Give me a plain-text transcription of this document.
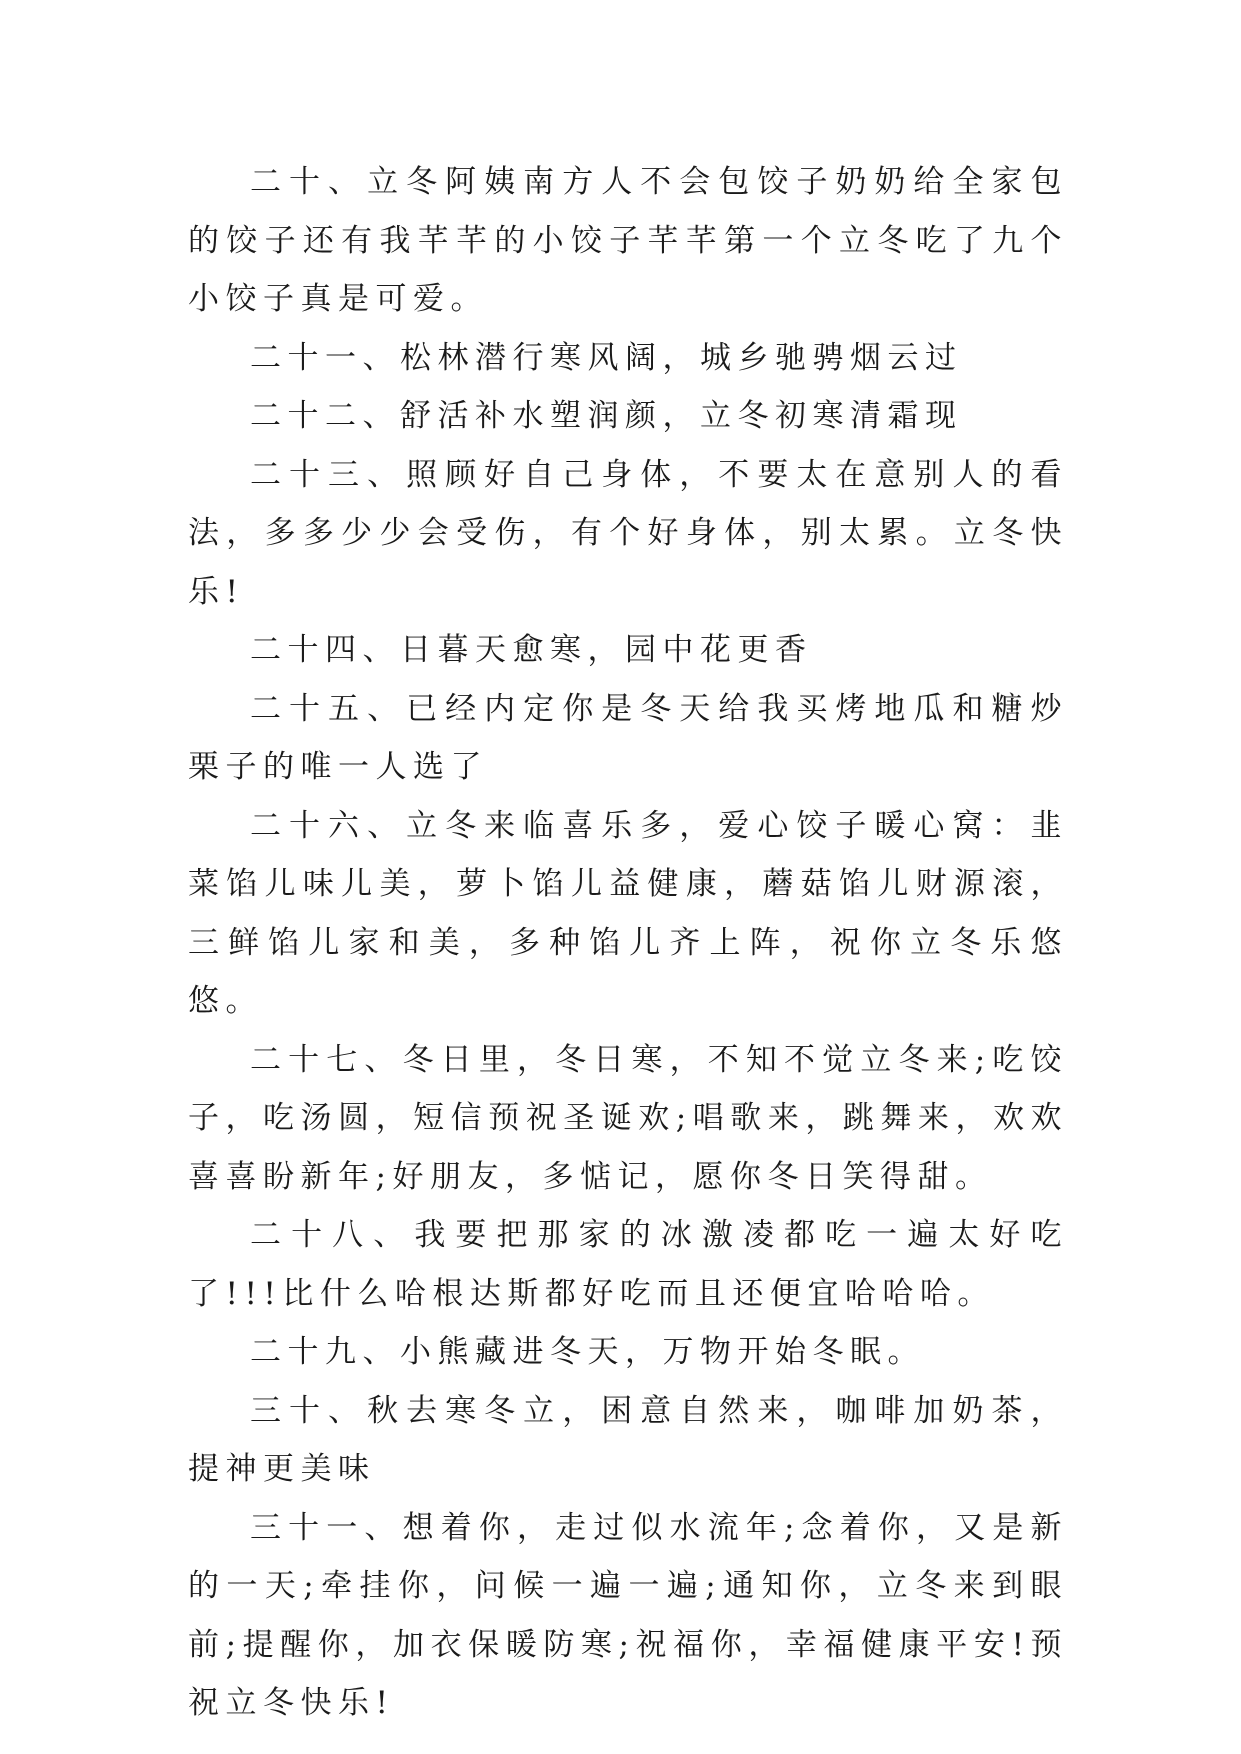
二十、立冬阿姨南方人不会包饺子奶奶给全家包的饺子还有我芊芊的小饺子芊芊第一个立冬吃了九个小饺子真是可爱。

二十一、松林潜行寒风阔，城乡驰骋烟云过

二十二、舒活补水塑润颜，立冬初寒清霜现

二十三、照顾好自己身体，不要太在意别人的看法，多多少少会受伤，有个好身体，别太累。立冬快乐!

二十四、日暮天愈寒，园中花更香

二十五、已经内定你是冬天给我买烤地瓜和糖炒栗子的唯一人选了

二十六、立冬来临喜乐多，爱心饺子暖心窝：韭菜馅儿味儿美，萝卜馅儿益健康，蘑菇馅儿财源滚，三鲜馅儿家和美，多种馅儿齐上阵，祝你立冬乐悠悠。

二十七、冬日里，冬日寒，不知不觉立冬来;吃饺子，吃汤圆，短信预祝圣诞欢;唱歌来，跳舞来，欢欢喜喜盼新年;好朋友，多惦记，愿你冬日笑得甜。

二十八、我要把那家的冰激凌都吃一遍太好吃了!!!比什么哈根达斯都好吃而且还便宜哈哈哈。

二十九、小熊藏进冬天，万物开始冬眠。

三十、秋去寒冬立，困意自然来，咖啡加奶茶，提神更美味

三十一、想着你，走过似水流年;念着你，又是新的一天;牵挂你，问候一遍一遍;通知你，立冬来到眼前;提醒你，加衣保暖防寒;祝福你，幸福健康平安!预祝立冬快乐!
